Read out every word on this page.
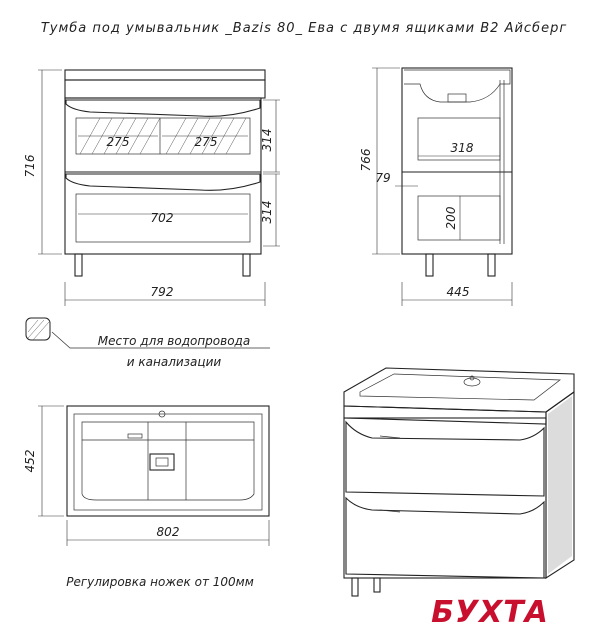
Тумба под умывальник _Bazis 80_ Ева с двумя ящиками В2 Айсберг
716
314
314
275	275
702
792
766
318
79
200
445
Место для водопровода
и канализации
452
802
Регулировка ножек от 100мм
БУХТА
